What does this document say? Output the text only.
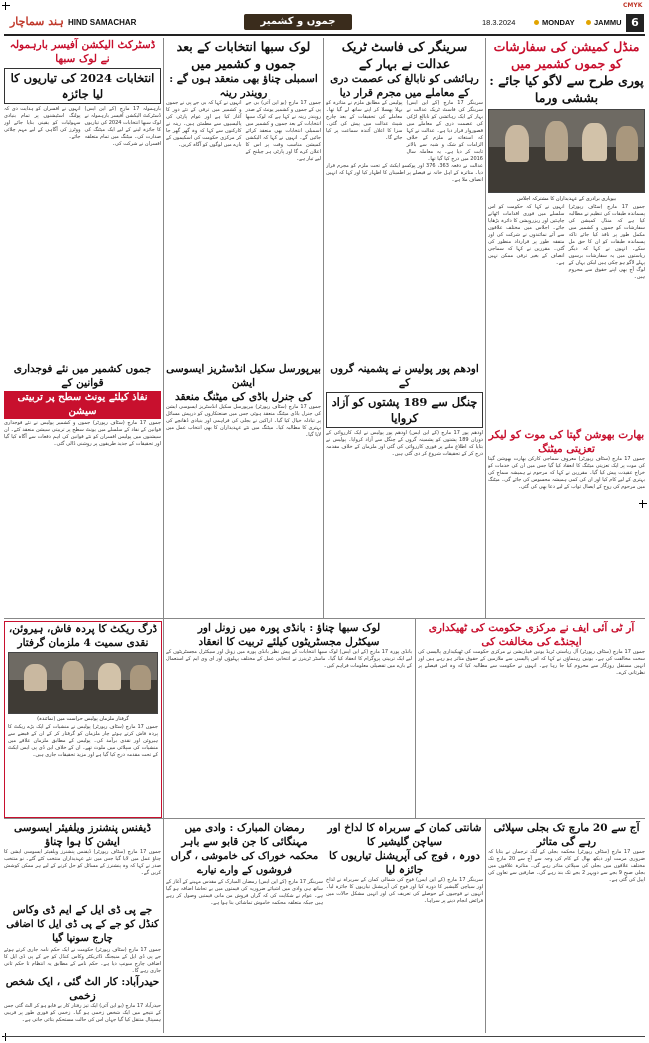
CMYK
ہند سماچار HIND SAMACHAR	جموں و کشمیر	18.3.2024	MONDAY	JAMMU 6

منڈل کمیشن کی سفارشات کو جموں کشمیر میں

پوری طرح سے لاگو کیا جائے : بششی ورما

بیوپاری برادری کے عہدیداران کا مشترکہ اجلاس

جموں 17 مارچ (سٹاف رپورٹر) پسماندہ طبقات کی تنظیم نے مطالبہ کیا ہے کہ منڈل کمیشن کی سفارشات کو جموں و کشمیر میں مکمل طور پر نافذ کیا جائے تاکہ پسماندہ طبقات کو ان کا حق مل سکے۔ انہوں نے کہا کہ دیگر ریاستوں میں یہ سفارشات برسوں پہلے لاگو ہو چکی ہیں لیکن یہاں کے لوگ آج بھی اپنے حقوق سے محروم ہیں۔

انہوں نے کہا کہ حکومت کو اس سلسلے میں فوری اقدامات اٹھانے چاہئیں اور ریزرویشن کا دائرہ بڑھایا جائے۔ اجلاس میں مختلف علاقوں سے آئے نمائندوں نے شرکت کی اور متفقہ طور پر قرارداد منظور کی گئی۔ مقررین نے کہا کہ سماجی انصاف کے بغیر ترقی ممکن نہیں ہے۔

بھارت بھوشن گپتا کی موت کو لیکر تعزیتی میٹنگ

جموں 17 مارچ (سٹاف رپورٹر) معروف سماجی کارکن بھارت بھوشن گپتا کی موت پر ایک تعزیتی میٹنگ کا انعقاد کیا گیا جس میں ان کی خدمات کو خراج عقیدت پیش کیا گیا۔ مقررین نے کہا کہ مرحوم نے ہمیشہ سماج کی بہتری کے لیے کام کیا اور ان کی کمی ہمیشہ محسوس کی جائے گی۔ میٹنگ میں مرحوم کی روح کے ایصال ثواب کے لیے دعا بھی کی گئی۔

سرینگر کی فاسٹ ٹریک عدالت نے بہار کے

رہائشی کو نابالغ کی عصمت دری کے معاملے میں مجرم قرار دیا

سرینگر 17 مارچ (کے این ایس) سرینگر کی فاسٹ ٹریک عدالت نے بہار کے ایک رہائشی کو نابالغ لڑکی کی عصمت دری کے معاملے میں قصوروار قرار دیا ہے۔ عدالت نے کہا کہ استغاثہ نے ملزم کے خلاف الزامات کو شک و شبہ سے بالاتر ثابت کر دیا ہے۔ یہ معاملہ سال 2016 میں درج کیا گیا تھا۔

پولیس کے مطابق ملزم نے متاثرہ کو بہلا پھسلا کر اپنے ساتھ لے گیا تھا۔ معاملے کی تحقیقات کے بعد چارج شیٹ عدالت میں پیش کی گئی۔ سزا کا اعلان آئندہ سماعت پر کیا جائے گا۔

عدالت نے دفعہ 363، 376 اور پوکسو ایکٹ کے تحت ملزم کو مجرم قرار دیا۔ متاثرہ کے اہل خانہ نے فیصلے پر اطمینان کا اظہار کیا اور کہا کہ انہیں انصاف ملا ہے۔

اودھم پور پولیس نے پشمینہ گروں کے

چنگل سے 189 پشتوں کو آزاد کروایا

اودھم پور 17 مارچ (کے این ایس) اودھم پور پولیس نے ایک کارروائی کے دوران 189 پشتوں کو پشمینہ گروں کے چنگل سے آزاد کروایا۔ پولیس نے بتایا کہ اطلاع ملنے پر فوری کارروائی کی گئی اور ملزمان کے خلاف مقدمہ درج کر کے تحقیقات شروع کر دی گئی ہیں۔

لوک سبھا انتخابات کے بعد جموں و کشمیر میں

اسمبلی چناؤ بھی منعقد ہوں گے : رویندر رینہ

جموں 17 مارچ (یو این آئی) بی جے پی کے جموں و کشمیر یونٹ کے صدر رویندر رینہ نے کہا ہے کہ لوک سبھا انتخابات کے بعد جموں و کشمیر میں اسمبلی انتخابات بھی منعقد کرائے جائیں گے۔ انہوں نے کہا کہ الیکشن کمیشن مناسب وقت پر اس کا اعلان کرے گا اور پارٹی ہر چیلنج کے لیے تیار ہے۔

انہوں نے کہا کہ بی جے پی نے جموں و کشمیر میں ترقی کے نئے دور کا آغاز کیا ہے اور عوام پارٹی کی پالیسیوں سے مطمئن ہیں۔ رینہ نے کارکنوں سے کہا کہ وہ گھر گھر جا کر مرکزی حکومت کی اسکیموں کے بارے میں لوگوں کو آگاہ کریں۔

بیرپورسل سکیل انڈسٹریز ایسوسی ایشن

کی جنرل باڈی کی میٹنگ منعقد

جموں 17 مارچ (سٹاف رپورٹر) بیرپورسل سکیل انڈسٹریز ایسوسی ایشن کی جنرل باڈی میٹنگ منعقد ہوئی جس میں صنعتکاروں کو درپیش مسائل پر تبادلہ خیال کیا گیا۔ اراکین نے بجلی کی فراہمی اور بنیادی ڈھانچے کی بہتری کا مطالبہ کیا۔ میٹنگ میں نئے عہدیداران کا بھی انتخاب عمل میں لایا گیا۔

ڈسٹرکٹ الیکشن آفیسر بارہمولہ نے لوک سبھا

انتخابات 2024 کی تیاریوں کا لیا جائزہ

بارہمولہ 17 مارچ (کے این ایس) ڈسٹرکٹ الیکشن آفیسر بارہمولہ نے لوک سبھا انتخابات 2024 کی تیاریوں کا جائزہ لینے کے لیے ایک میٹنگ کی صدارت کی۔ میٹنگ میں تمام متعلقہ افسران نے شرکت کی۔

انہوں نے افسران کو ہدایت دی کہ پولنگ اسٹیشنوں پر تمام بنیادی سہولیات کو یقینی بنایا جائے اور ووٹرز کی آگاہی کے لیے مہم چلائی جائے۔

جموں کشمیر میں نئے فوجداری قوانین کے

نفاذ کیلئے یونٹ سطح پر تربیتی سیشن

جموں 17 مارچ (سٹاف رپورٹر) جموں و کشمیر پولیس نے نئے فوجداری قوانین کے نفاذ کے سلسلے میں یونٹ سطح پر تربیتی سیشن منعقد کئے۔ ان سیشنوں میں پولیس افسران کو نئے قوانین کی اہم دفعات سے آگاہ کیا گیا اور تحقیقات کے جدید طریقوں پر روشنی ڈالی گئی۔

آر ٹی آئی ایف نے مرکزی حکومت کی ٹھیکداری ایجنڈے کی مخالفت کی

جموں 17 مارچ (سٹاف رپورٹر) آل ریاستی ٹریڈ یونین فیڈریشن نے مرکزی حکومت کی ٹھیکیداری پالیسی کی سخت مخالفت کی ہے۔ یونین رہنماؤں نے کہا کہ اس پالیسی سے ملازمین کے حقوق متاثر ہو رہے ہیں اور انہیں مستقل روزگار سے محروم کیا جا رہا ہے۔ انہوں نے حکومت سے مطالبہ کیا کہ وہ اس فیصلے پر نظرثانی کرے۔

لوک سبھا چناؤ : بانڈی پورہ میں زونل اور

سیکٹرل مجسٹریٹوں کیلئے تربیت کا انعقاد

بانڈی پورہ 17 مارچ (کے این ایس) لوک سبھا انتخابات کے پیش نظر بانڈی پورہ میں زونل اور سیکٹرل مجسٹریٹوں کے لیے ایک تربیتی پروگرام کا انعقاد کیا گیا۔ ماسٹر ٹرینرز نے انتخابی عمل کے مختلف پہلوؤں اور ای وی ایم کے استعمال کے بارے میں تفصیلی معلومات فراہم کیں۔

ڈرگ ریکٹ کا پردہ فاش، ہیروئن، نقدی سمیت 4 ملزمان گرفتار

گرفتار ملزمان پولیس حراست میں (نمائندہ)

جموں 17 مارچ (سٹاف رپورٹر) پولیس نے منشیات کے ایک بڑے ریکٹ کا پردہ فاش کرتے ہوئے چار ملزمان کو گرفتار کر کے ان کے قبضے سے ہیروئن اور نقدی برآمد کی۔ پولیس کے مطابق ملزمان علاقے میں منشیات کی سپلائی میں ملوث تھے۔ ان کے خلاف این ڈی پی ایس ایکٹ کے تحت مقدمہ درج کیا گیا ہے اور مزید تحقیقات جاری ہیں۔

آج سے 20 مارچ تک بجلی سپلائی رہے گی متاثر

جموں 17 مارچ (سٹاف رپورٹر) محکمہ بجلی کے ایک ترجمان نے بتایا کہ ضروری مرمت اور دیکھ بھال کے کام کی وجہ سے آج سے 20 مارچ تک مختلف علاقوں میں بجلی کی سپلائی متاثر رہے گی۔ متاثرہ علاقوں میں بجلی صبح 9 بجے سے دوپہر 2 بجے تک بند رہے گی۔ صارفین سے تعاون کی اپیل کی گئی ہے۔

شانتی کمان کے سربراہ کا لداخ اور سیاچن گلیشیر کا

دورہ ، فوج کی آپریشنل تیاریوں کا جائزہ لیا

سرینگر 17 مارچ (کے این ایس) فوج کی شمالی کمان کے سربراہ نے لداخ اور سیاچن گلیشیر کا دورہ کیا اور فوج کی آپریشنل تیاریوں کا جائزہ لیا۔ انہوں نے فوجیوں کے حوصلے کی تعریف کی اور انہیں مشکل حالات میں فرائض انجام دینے پر سراہا۔

رمضان المبارک : وادی میں مہنگائی کا جن قابو سے باہر

محکمہ خوراک کی خاموشی ، گراں فروشوں کے وارے نیارے

سرینگر 17 مارچ (کے این ایس) رمضان المبارک کے مقدس مہینے کے آغاز کے ساتھ ہی وادی میں اشیائے ضروریہ کی قیمتوں میں بے تحاشا اضافہ ہو گیا ہے۔ عوام نے شکایت کی کہ گراں فروش من مانی قیمتیں وصول کر رہے ہیں جبکہ متعلقہ محکمہ خاموش تماشائی بنا ہوا ہے۔

ڈیفنس پنشنرز ویلفیئر ایسوسی ایشن کا ہوا چناؤ

جموں 17 مارچ (سٹاف رپورٹر) ڈیفنس پنشنرز ویلفیئر ایسوسی ایشن کا چناؤ عمل میں لایا گیا جس میں نئے عہدیداران منتخب کئے گئے۔ نو منتخب صدر نے کہا کہ وہ پنشنرز کے مسائل کو حل کرنے کے لیے ہر ممکن کوشش کریں گے۔

جے پی ڈی ایل کے ایم ڈی وکاس

کنڈل کو جے کے پی ڈی ایل کا اضافی چارج سونپا گیا

جموں 17 مارچ (سٹاف رپورٹر) حکومت نے ایک حکم نامہ جاری کرتے ہوئے جے پی ڈی ایل کے منیجنگ ڈائریکٹر وکاس کنڈل کو جے کے پی ڈی ایل کا اضافی چارج سونپ دیا ہے۔ حکم نامے کے مطابق یہ انتظام تا حکم ثانی جاری رہے گا۔

حیدرآباد: کار الٹ گئی ، ایک شخص زخمی

حیدرآباد 17 مارچ (یو این آئی) ایک تیز رفتار کار بے قابو ہو کر الٹ گئی جس کے نتیجے میں ایک شخص زخمی ہو گیا۔ زخمی کو فوری طور پر قریبی ہسپتال منتقل کیا گیا جہاں اس کی حالت مستحکم بتائی جاتی ہے۔
